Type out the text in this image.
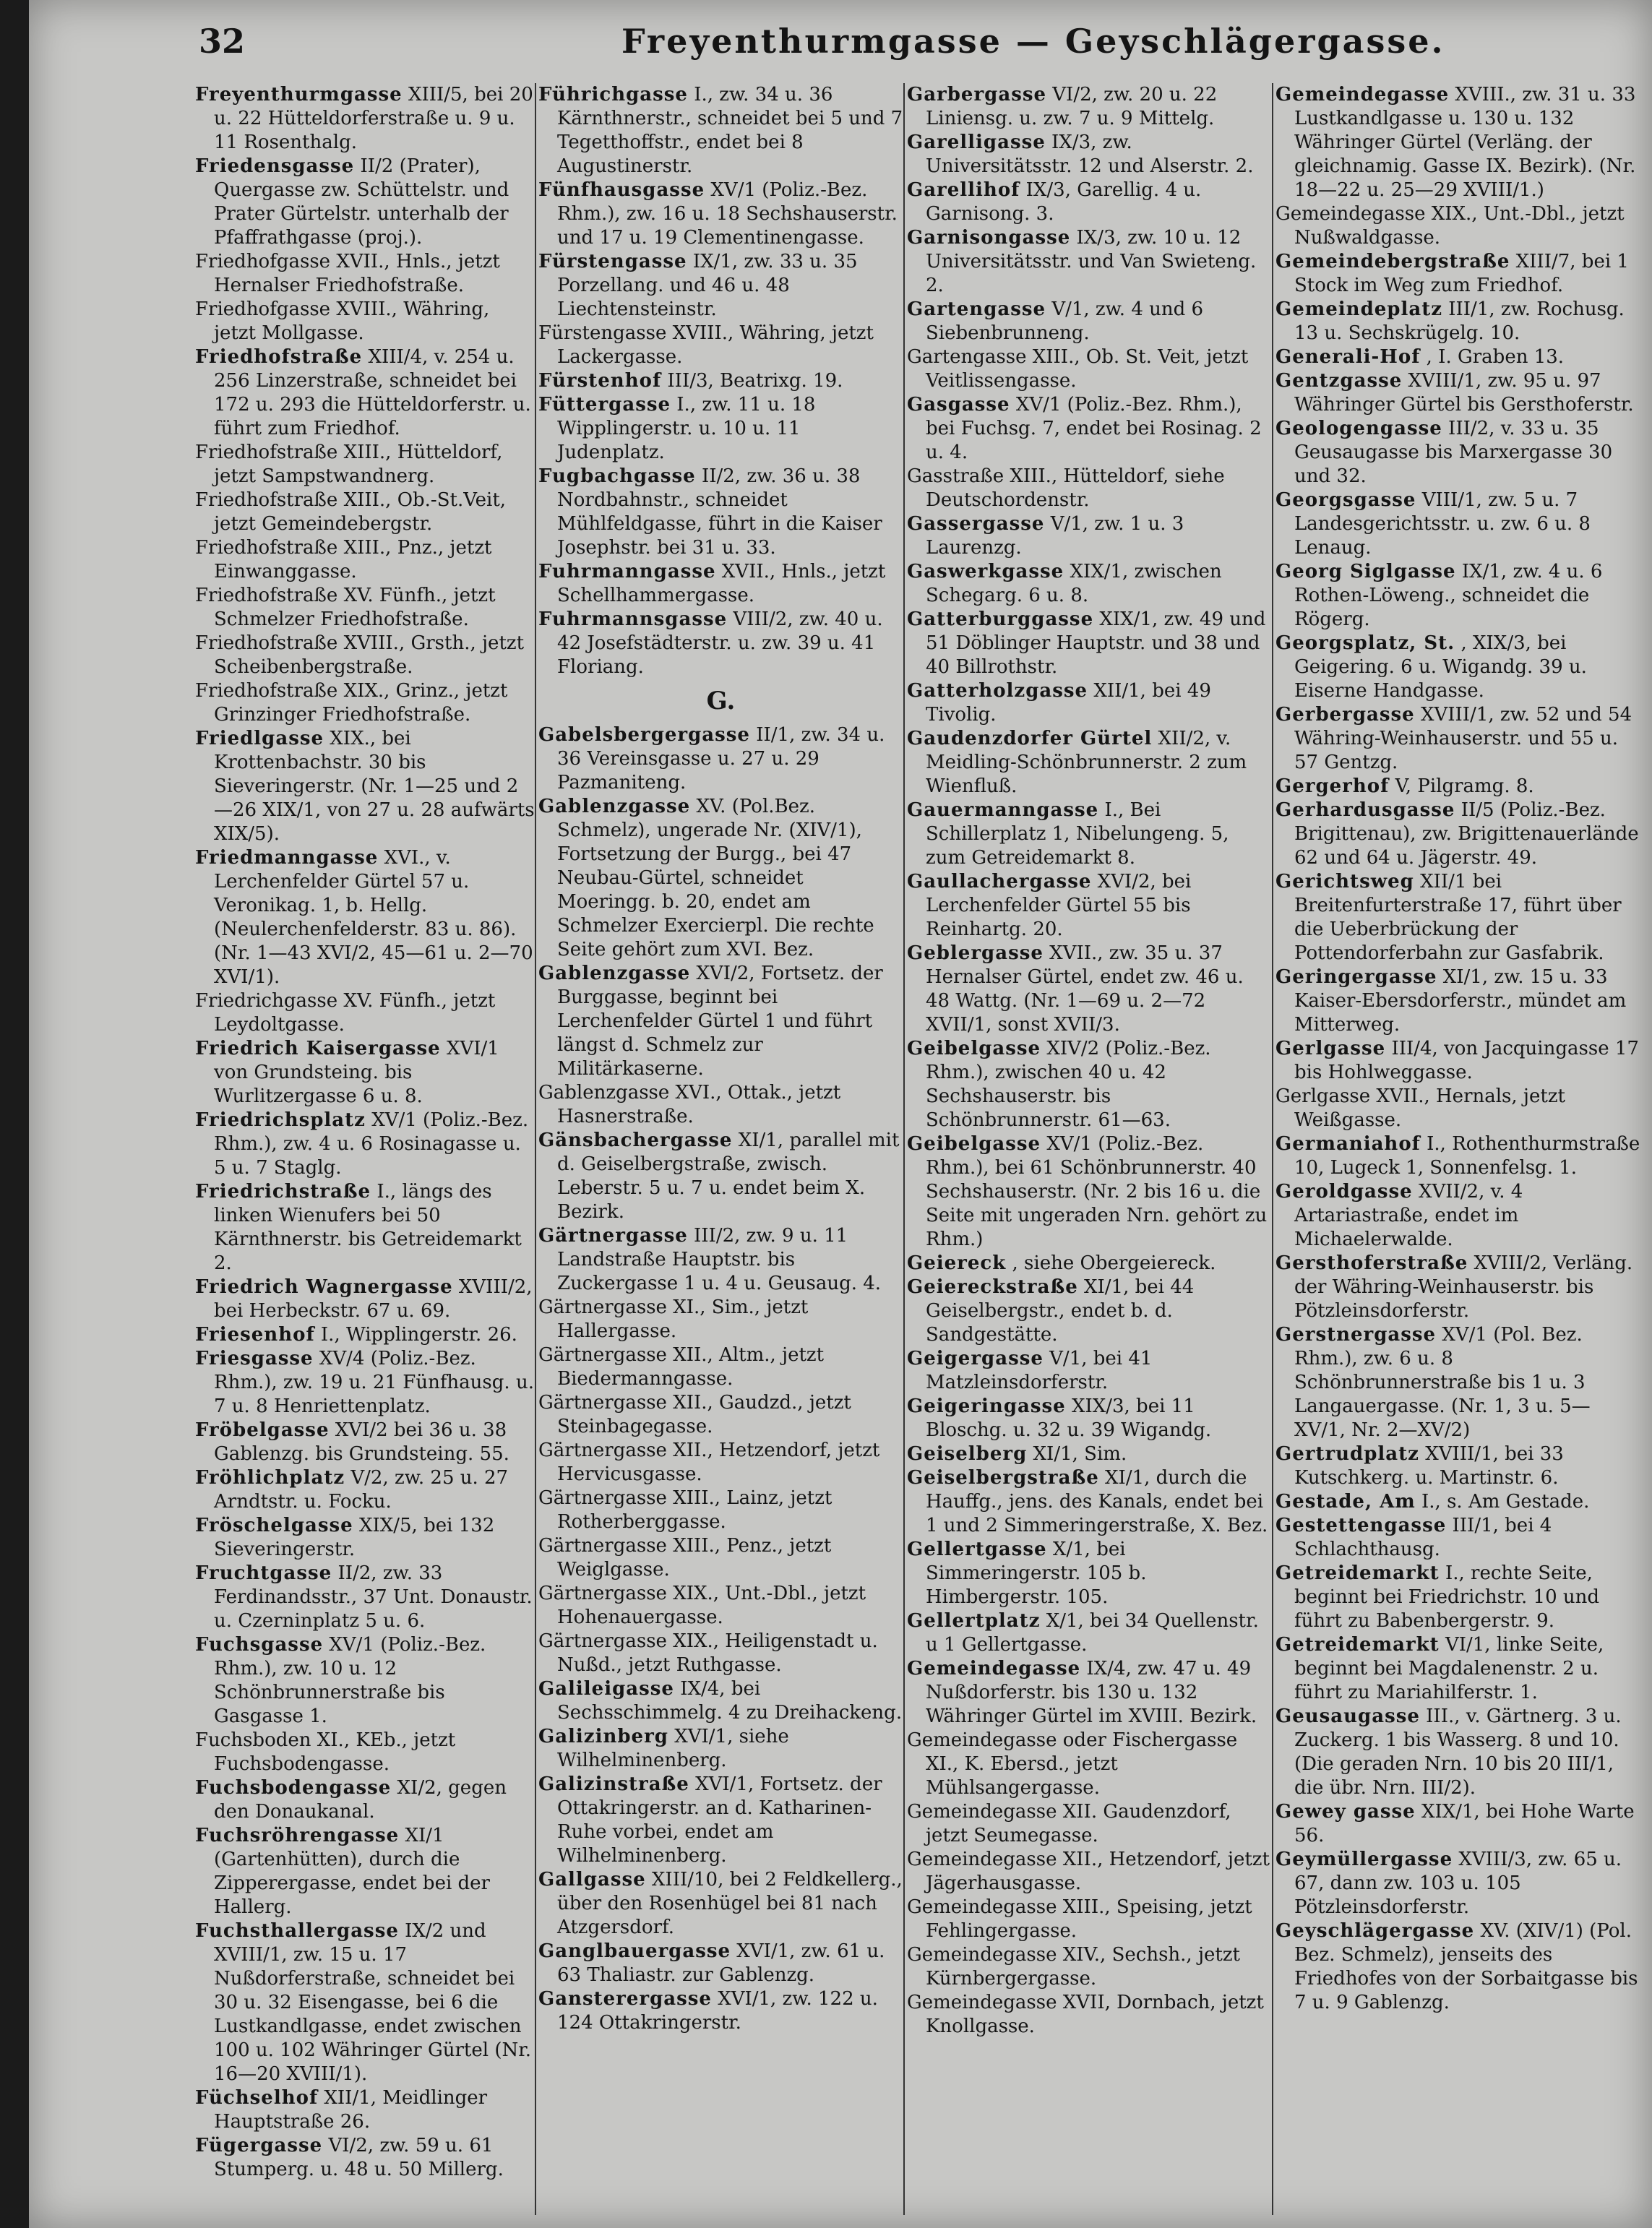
32	Freyenthurmgasse — Geyschlägergasse.
Freyenthurmgasse XIII/5, bei 20 u. 22 Hütteldorferstraße u. 9 u. 11 Rosenthalg.
Friedensgasse II/2 (Prater), Quergasse zw. Schüttelstr. und Prater Gürtelstr. unterhalb der Pfaffrathgasse (proj.).
Friedhofgasse XVII., Hnls., jetzt Hernalser Friedhofstraße.
Friedhofgasse XVIII., Währing, jetzt Mollgasse.
Friedhofstraße XIII/4, v. 254 u. 256 Linzerstraße, schneidet bei 172 u. 293 die Hütteldorferstr. u. führt zum Friedhof.
Friedhofstraße XIII., Hütteldorf, jetzt Sampstwandnerg.
Friedhofstraße XIII., Ob.-St.Veit, jetzt Gemeindebergstr.
Friedhofstraße XIII., Pnz., jetzt Einwanggasse.
Friedhofstraße XV. Fünfh., jetzt Schmelzer Friedhofstraße.
Friedhofstraße XVIII., Grsth., jetzt Scheibenbergstraße.
Friedhofstraße XIX., Grinz., jetzt Grinzinger Friedhofstraße.
Friedlgasse XIX., bei Krottenbachstr. 30 bis Sieveringerstr. (Nr. 1—25 und 2—26 XIX/1, von 27 u. 28 aufwärts XIX/5).
Friedmanngasse XVI., v. Lerchenfelder Gürtel 57 u. Veronikag. 1, b. Hellg. (Neulerchenfelderstr. 83 u. 86). (Nr. 1—43 XVI/2, 45—61 u. 2—70 XVI/1).
Friedrichgasse XV. Fünfh., jetzt Leydoltgasse.
Friedrich Kaisergasse XVI/1 von Grundsteing. bis Wurlitzergasse 6 u. 8.
Friedrichsplatz XV/1 (Poliz.-Bez. Rhm.), zw. 4 u. 6 Rosinagasse u. 5 u. 7 Staglg.
Friedrichstraße I., längs des linken Wienufers bei 50 Kärnthnerstr. bis Getreidemarkt 2.
Friedrich Wagnergasse XVIII/2, bei Herbeckstr. 67 u. 69.
Friesenhof I., Wipplingerstr. 26.
Friesgasse XV/4 (Poliz.-Bez. Rhm.), zw. 19 u. 21 Fünfhausg. u. 7 u. 8 Henriettenplatz.
Fröbelgasse XVI/2 bei 36 u. 38 Gablenzg. bis Grundsteing. 55.
Fröhlichplatz V/2, zw. 25 u. 27 Arndtstr. u. Focku.
Fröschelgasse XIX/5, bei 132 Sieveringerstr.
Fruchtgasse II/2, zw. 33 Ferdinandsstr., 37 Unt. Donaustr. u. Czerninplatz 5 u. 6.
Fuchsgasse XV/1 (Poliz.-Bez. Rhm.), zw. 10 u. 12 Schönbrunnerstraße bis Gasgasse 1.
Fuchsboden XI., KEb., jetzt Fuchsbodengasse.
Fuchsbodengasse XI/2, gegen den Donaukanal.
Fuchsröhrengasse XI/1 (Gartenhütten), durch die Zipperergasse, endet bei der Hallerg.
Fuchsthallergasse IX/2 und XVIII/1, zw. 15 u. 17 Nußdorferstraße, schneidet bei 30 u. 32 Eisengasse, bei 6 die Lustkandlgasse, endet zwischen 100 u. 102 Währinger Gürtel (Nr. 16—20 XVIII/1).
Füchselhof XII/1, Meidlinger Hauptstraße 26.
Fügergasse VI/2, zw. 59 u. 61 Stumperg. u. 48 u. 50 Millerg.
Führichgasse I., zw. 34 u. 36 Kärnthnerstr., schneidet bei 5 und 7 Tegetthoffstr., endet bei 8 Augustinerstr.
Fünfhausgasse XV/1 (Poliz.-Bez. Rhm.), zw. 16 u. 18 Sechshauserstr. und 17 u. 19 Clementinengasse.
Fürstengasse IX/1, zw. 33 u. 35 Porzellang. und 46 u. 48 Liechtensteinstr.
Fürstengasse XVIII., Währing, jetzt Lackergasse.
Fürstenhof III/3, Beatrixg. 19.
Füttergasse I., zw. 11 u. 18 Wipplingerstr. u. 10 u. 11 Judenplatz.
Fugbachgasse II/2, zw. 36 u. 38 Nordbahnstr., schneidet Mühlfeldgasse, führt in die Kaiser Josephstr. bei 31 u. 33.
Fuhrmanngasse XVII., Hnls., jetzt Schellhammergasse.
Fuhrmannsgasse VIII/2, zw. 40 u. 42 Josefstädterstr. u. zw. 39 u. 41 Floriang.
G.
Gabelsbergergasse II/1, zw. 34 u. 36 Vereinsgasse u. 27 u. 29 Pazmaniteng.
Gablenzgasse XV. (Pol.Bez. Schmelz), ungerade Nr. (XIV/1), Fortsetzung der Burgg., bei 47 Neubau-Gürtel, schneidet Moeringg. b. 20, endet am Schmelzer Exercierpl. Die rechte Seite gehört zum XVI. Bez.
Gablenzgasse XVI/2, Fortsetz. der Burggasse, beginnt bei Lerchenfelder Gürtel 1 und führt längst d. Schmelz zur Militärkaserne.
Gablenzgasse XVI., Ottak., jetzt Hasnerstraße.
Gänsbachergasse XI/1, parallel mit d. Geiselbergstraße, zwisch. Leberstr. 5 u. 7 u. endet beim X. Bezirk.
Gärtnergasse III/2, zw. 9 u. 11 Landstraße Hauptstr. bis Zuckergasse 1 u. 4 u. Geusaug. 4.
Gärtnergasse XI., Sim., jetzt Hallergasse.
Gärtnergasse XII., Altm., jetzt Biedermanngasse.
Gärtnergasse XII., Gaudzd., jetzt Steinbagegasse.
Gärtnergasse XII., Hetzendorf, jetzt Hervicusgasse.
Gärtnergasse XIII., Lainz, jetzt Rotherberggasse.
Gärtnergasse XIII., Penz., jetzt Weiglgasse.
Gärtnergasse XIX., Unt.-Dbl., jetzt Hohenauergasse.
Gärtnergasse XIX., Heiligenstadt u. Nußd., jetzt Ruthgasse.
Galileigasse IX/4, bei Sechsschimmelg. 4 zu Dreihackeng.
Galizinberg XVI/1, siehe Wilhelminenberg.
Galizinstraße XVI/1, Fortsetz. der Ottakringerstr. an d. Katharinen-Ruhe vorbei, endet am Wilhelminenberg.
Gallgasse XIII/10, bei 2 Feldkellerg., über den Rosenhügel bei 81 nach Atzgersdorf.
Ganglbauergasse XVI/1, zw. 61 u. 63 Thaliastr. zur Gablenzg.
Gansterergasse XVI/1, zw. 122 u. 124 Ottakringerstr.
Garbergasse VI/2, zw. 20 u. 22 Liniensg. u. zw. 7 u. 9 Mittelg.
Garelligasse IX/3, zw. Universitätsstr. 12 und Alserstr. 2.
Garellihof IX/3, Garellig. 4 u. Garnisong. 3.
Garnisongasse IX/3, zw. 10 u. 12 Universitätsstr. und Van Swieteng. 2.
Gartengasse V/1, zw. 4 und 6 Siebenbrunneng.
Gartengasse XIII., Ob. St. Veit, jetzt Veitlissengasse.
Gasgasse XV/1 (Poliz.-Bez. Rhm.), bei Fuchsg. 7, endet bei Rosinag. 2 u. 4.
Gasstraße XIII., Hütteldorf, siehe Deutschordenstr.
Gassergasse V/1, zw. 1 u. 3 Laurenzg.
Gaswerkgasse XIX/1, zwischen Schegarg. 6 u. 8.
Gatterburggasse XIX/1, zw. 49 und 51 Döblinger Hauptstr. und 38 und 40 Billrothstr.
Gatterholzgasse XII/1, bei 49 Tivolig.
Gaudenzdorfer Gürtel XII/2, v. Meidling-Schönbrunnerstr. 2 zum Wienfluß.
Gauermanngasse I., Bei Schillerplatz 1, Nibelungeng. 5, zum Getreidemarkt 8.
Gaullachergasse XVI/2, bei Lerchenfelder Gürtel 55 bis Reinhartg. 20.
Geblergasse XVII., zw. 35 u. 37 Hernalser Gürtel, endet zw. 46 u. 48 Wattg. (Nr. 1—69 u. 2—72 XVII/1, sonst XVII/3.
Geibelgasse XIV/2 (Poliz.-Bez. Rhm.), zwischen 40 u. 42 Sechshauserstr. bis Schönbrunnerstr. 61—63.
Geibelgasse XV/1 (Poliz.-Bez. Rhm.), bei 61 Schönbrunnerstr. 40 Sechshauserstr. (Nr. 2 bis 16 u. die Seite mit ungeraden Nrn. gehört zu Rhm.)
Geiereck , siehe Obergeiereck.
Geiereckstraße XI/1, bei 44 Geiselbergstr., endet b. d. Sandgestätte.
Geigergasse V/1, bei 41 Matzleinsdorferstr.
Geigeringasse XIX/3, bei 11 Bloschg. u. 32 u. 39 Wigandg.
Geiselberg XI/1, Sim.
Geiselbergstraße XI/1, durch die Hauffg., jens. des Kanals, endet bei 1 und 2 Simmeringerstraße, X. Bez.
Gellertgasse X/1, bei Simmeringerstr. 105 b. Himbergerstr. 105.
Gellertplatz X/1, bei 34 Quellenstr. u 1 Gellertgasse.
Gemeindegasse IX/4, zw. 47 u. 49 Nußdorferstr. bis 130 u. 132 Währinger Gürtel im XVIII. Bezirk.
Gemeindegasse oder Fischergasse XI., K. Ebersd., jetzt Mühlsangergasse.
Gemeindegasse XII. Gaudenzdorf, jetzt Seumegasse.
Gemeindegasse XII., Hetzendorf, jetzt Jägerhausgasse.
Gemeindegasse XIII., Speising, jetzt Fehlingergasse.
Gemeindegasse XIV., Sechsh., jetzt Kürnbergergasse.
Gemeindegasse XVII, Dornbach, jetzt Knollgasse.
Gemeindegasse XVIII., zw. 31 u. 33 Lustkandlgasse u. 130 u. 132 Währinger Gürtel (Verläng. der gleichnamig. Gasse IX. Bezirk). (Nr. 18—22 u. 25—29 XVIII/1.)
Gemeindegasse XIX., Unt.-Dbl., jetzt Nußwaldgasse.
Gemeindebergstraße XIII/7, bei 1 Stock im Weg zum Friedhof.
Gemeindeplatz III/1, zw. Rochusg. 13 u. Sechskrügelg. 10.
Generali-Hof , I. Graben 13.
Gentzgasse XVIII/1, zw. 95 u. 97 Währinger Gürtel bis Gersthoferstr.
Geologengasse III/2, v. 33 u. 35 Geusaugasse bis Marxergasse 30 und 32.
Georgsgasse VIII/1, zw. 5 u. 7 Landesgerichtsstr. u. zw. 6 u. 8 Lenaug.
Georg Siglgasse IX/1, zw. 4 u. 6 Rothen-Löweng., schneidet die Rögerg.
Georgsplatz, St. , XIX/3, bei Geigering. 6 u. Wigandg. 39 u. Eiserne Handgasse.
Gerbergasse XVIII/1, zw. 52 und 54 Währing-Weinhauserstr. und 55 u. 57 Gentzg.
Gergerhof V, Pilgramg. 8.
Gerhardusgasse II/5 (Poliz.-Bez. Brigittenau), zw. Brigittenauerlände 62 und 64 u. Jägerstr. 49.
Gerichtsweg XII/1 bei Breitenfurterstraße 17, führt über die Ueberbrückung der Pottendorferbahn zur Gasfabrik.
Geringergasse XI/1, zw. 15 u. 33 Kaiser-Ebersdorferstr., mündet am Mitterweg.
Gerlgasse III/4, von Jacquingasse 17 bis Hohlweggasse.
Gerlgasse XVII., Hernals, jetzt Weißgasse.
Germaniahof I., Rothenthurmstraße 10, Lugeck 1, Sonnenfelsg. 1.
Geroldgasse XVII/2, v. 4 Artariastraße, endet im Michaelerwalde.
Gersthoferstraße XVIII/2, Verläng. der Währing-Weinhauserstr. bis Pötzleinsdorferstr.
Gerstnergasse XV/1 (Pol. Bez. Rhm.), zw. 6 u. 8 Schönbrunnerstraße bis 1 u. 3 Langauergasse. (Nr. 1, 3 u. 5—XV/1, Nr. 2—XV/2)
Gertrudplatz XVIII/1, bei 33 Kutschkerg. u. Martinstr. 6.
Gestade, Am I., s. Am Gestade.
Gestettengasse III/1, bei 4 Schlachthausg.
Getreidemarkt I., rechte Seite, beginnt bei Friedrichstr. 10 und führt zu Babenbergerstr. 9.
Getreidemarkt VI/1, linke Seite, beginnt bei Magdalenenstr. 2 u. führt zu Mariahilferstr. 1.
Geusaugasse III., v. Gärtnerg. 3 u. Zuckerg. 1 bis Wasserg. 8 und 10. (Die geraden Nrn. 10 bis 20 III/1, die übr. Nrn. III/2).
Gewey gasse XIX/1, bei Hohe Warte 56.
Geymüllergasse XVIII/3, zw. 65 u. 67, dann zw. 103 u. 105 Pötzleinsdorferstr.
Geyschlägergasse XV. (XIV/1) (Pol. Bez. Schmelz), jenseits des Friedhofes von der Sorbaitgasse bis 7 u. 9 Gablenzg.
